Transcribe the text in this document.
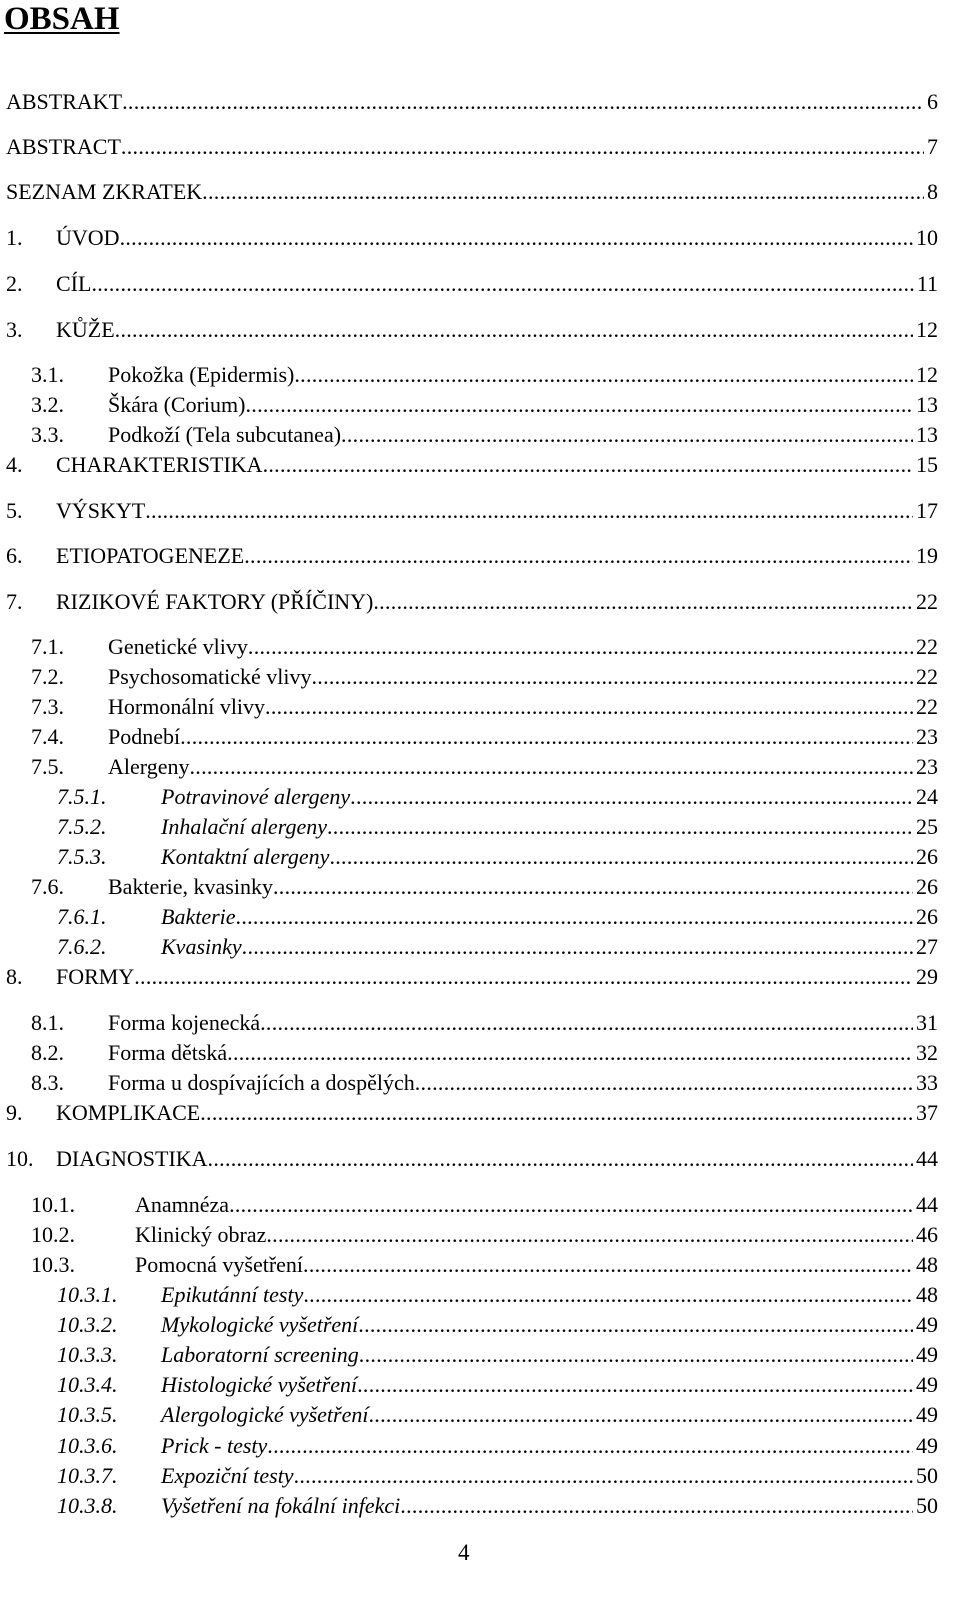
OBSAH
ABSTRAKT . . .	6
ABSTRACT . . .	7
SEZNAM ZKRATEK . . .	8
1.	ÚVOD . . .	10
2.	CÍL . . .	11
3.	KŮŽE . . .	12
3.1.	Pokožka (Epidermis) . . .	12
3.2.	Škára (Corium) . . .	13
3.3.	Podkoží (Tela subcutanea) . . .	13
4.	CHARAKTERISTIKA . . .	15
5.	VÝSKYT . . .	17
6.	ETIOPATOGENEZE . . .	19
7.	RIZIKOVÉ FAKTORY (PŘÍČINY) . . .	22
7.1.	Genetické vlivy . . .	22
7.2.	Psychosomatické vlivy . . .	22
7.3.	Hormonální vlivy . . .	22
7.4.	Podnebí . . .	23
7.5.	Alergeny . . .	23
7.5.1.	Potravinové alergeny . . .	24
7.5.2.	Inhalační alergeny . . .	25
7.5.3.	Kontaktní alergeny . . .	26
7.6.	Bakterie, kvasinky . . .	26
7.6.1.	Bakterie . . .	26
7.6.2.	Kvasinky . . .	27
8.	FORMY . . .	29
8.1.	Forma kojenecká . . .	31
8.2.	Forma dětská . . .	32
8.3.	Forma u dospívajících a dospělých . . .	33
9.	KOMPLIKACE . . .	37
10.	DIAGNOSTIKA . . .	44
10.1.	Anamnéza . . .	44
10.2.	Klinický obraz . . .	46
10.3.	Pomocná vyšetření . . .	48
10.3.1.	Epikutánní testy . . .	48
10.3.2.	Mykologické vyšetření . . .	49
10.3.3.	Laboratorní screening . . .	49
10.3.4.	Histologické vyšetření . . .	49
10.3.5.	Alergologické vyšetření . . .	49
10.3.6.	Prick - testy . . .	49
10.3.7.	Expoziční testy . . .	50
10.3.8.	Vyšetření na fokální infekci . . .	50
4
